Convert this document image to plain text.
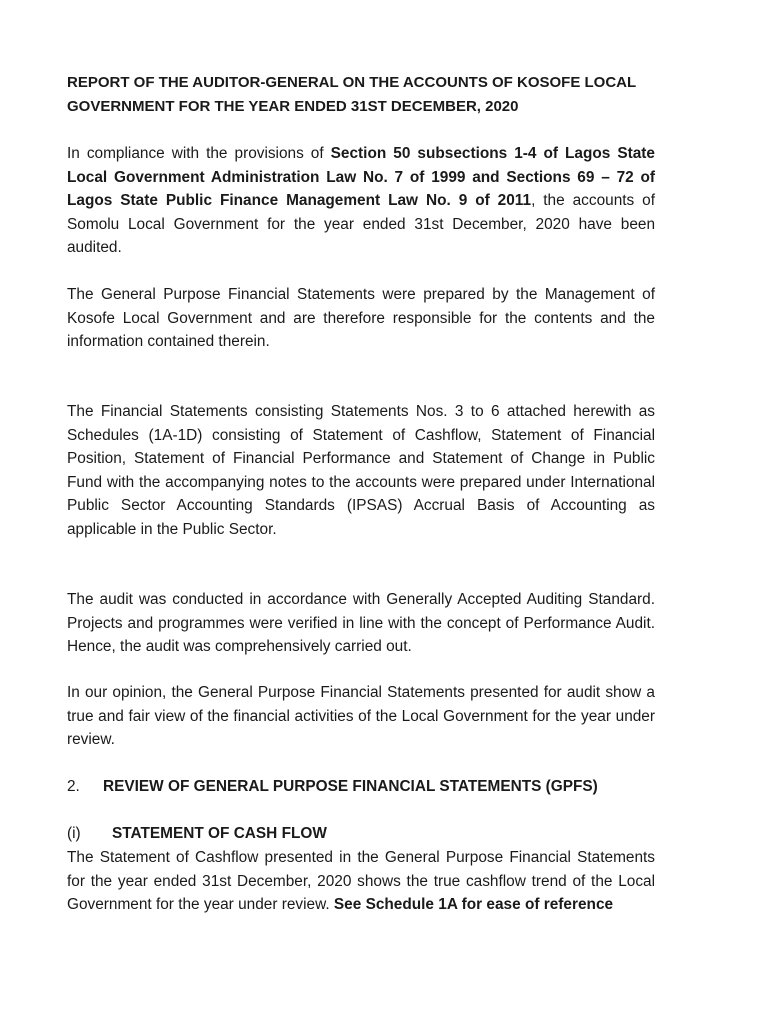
REPORT OF THE AUDITOR-GENERAL ON THE ACCOUNTS OF KOSOFE LOCAL GOVERNMENT FOR THE YEAR ENDED 31ST DECEMBER, 2020

In compliance with the provisions of Section 50 subsections 1-4 of Lagos State Local Government Administration Law No. 7 of 1999 and Sections 69 – 72 of Lagos State Public Finance Management Law No. 9 of 2011, the accounts of Somolu Local Government for the year ended 31st December, 2020 have been audited.

The General Purpose Financial Statements were prepared by the Management of Kosofe Local Government and are therefore responsible for the contents and the information contained therein.

The Financial Statements consisting Statements Nos. 3 to 6 attached herewith as Schedules (1A-1D) consisting of Statement of Cashflow, Statement of Financial Position, Statement of Financial Performance and Statement of Change in Public Fund with the accompanying notes to the accounts were prepared under International Public Sector Accounting Standards (IPSAS) Accrual Basis of Accounting as applicable in the Public Sector.

The audit was conducted in accordance with Generally Accepted Auditing Standard. Projects and programmes were verified in line with the concept of Performance Audit. Hence, the audit was comprehensively carried out.

In our opinion, the General Purpose Financial Statements presented for audit show a true and fair view of the financial activities of the Local Government for the year under review.

2. REVIEW OF GENERAL PURPOSE FINANCIAL STATEMENTS (GPFS)

(i) STATEMENT OF CASH FLOW

The Statement of Cashflow presented in the General Purpose Financial Statements for the year ended 31st December, 2020 shows the true cashflow trend of the Local Government for the year under review. See Schedule 1A for ease of reference
